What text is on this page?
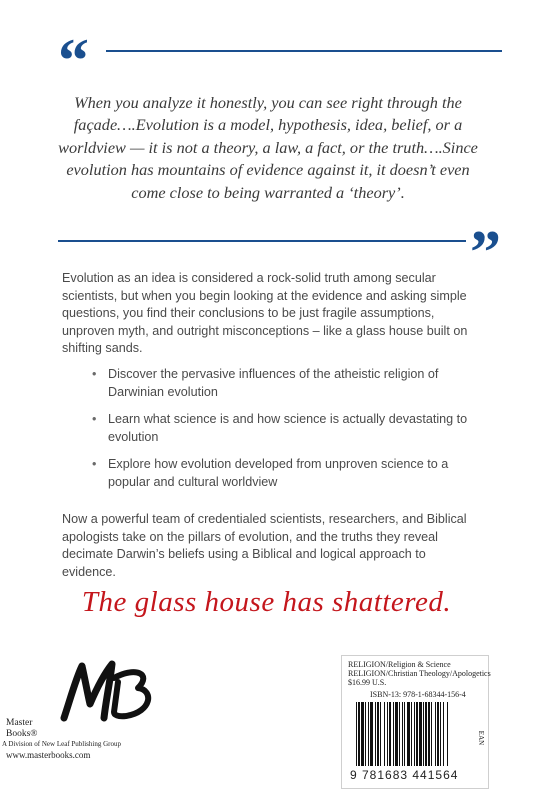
“

When you analyze it honestly, you can see right through the façade….Evolution is a model, hypothesis, idea, belief, or a worldview — it is not a theory, a law, a fact, or the truth….Since evolution has mountains of evidence against it, it doesn’t even come close to being warranted a ‘theory’.

”

Evolution as an idea is considered a rock-solid truth among secular scientists, but when you begin looking at the evidence and asking simple questions, you find their conclusions to be just fragile assumptions, unproven myth, and outright misconceptions – like a glass house built on shifting sands.

• Discover the pervasive influences of the atheistic religion of Darwinian evolution
• Learn what science is and how science is actually devastating to evolution
• Explore how evolution developed from unproven science to a popular and cultural worldview

Now a powerful team of credentialed scientists, researchers, and Biblical apologists take on the pillars of evolution, and the truths they reveal decimate Darwin’s beliefs using a Biblical and logical approach to evidence.

The glass house has shattered.
Master Books®
A Division of New Leaf Publishing Group
www.masterbooks.com
RELIGION/Religion & Science
RELIGION/Christian Theology/Apologetics
$16.99 U.S.
ISBN-13: 978-1-68344-156-4
EAN
9 781683 441564
